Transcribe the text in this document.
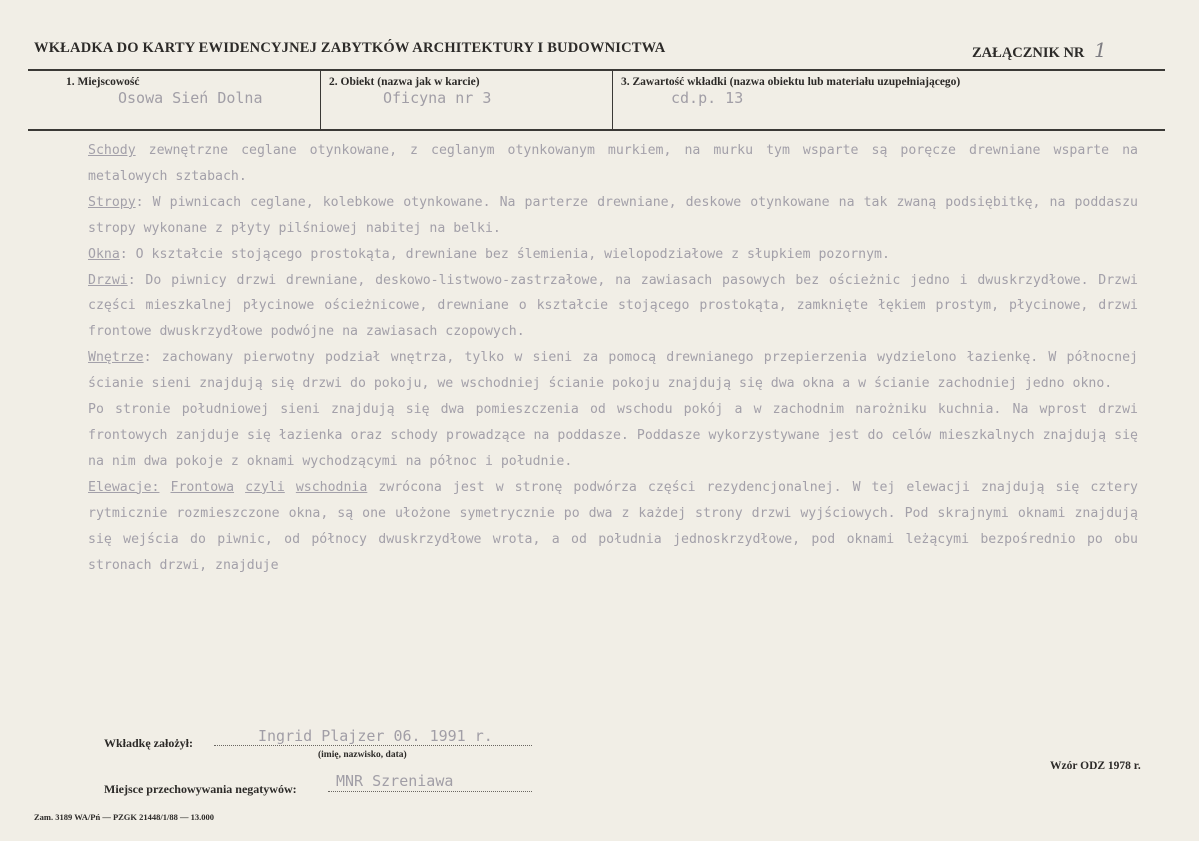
WKŁADKA DO KARTY EWIDENCYJNEJ ZABYTKÓW ARCHITEKTURY I BUDOWNICTWA	ZAŁĄCZNIK NR 1
1. Miejscowość
Osowa Sień Dolna
2. Obiekt (nazwa jak w karcie)
Oficyna nr 3
3. Zawartość wkładki (nazwa obiektu lub materiału uzupełniającego)
cd.p. 13

Schody zewnętrzne ceglane otynkowane, z ceglanym otynkowanym murkiem, na murku tym wsparte są poręcze drewniane wsparte na metalowych sztabach.

Stropy: W piwnicach ceglane, kolebkowe otynkowane. Na parterze drewniane, deskowe otynkowane na tak zwaną podsiębitkę, na poddaszu stropy wykonane z płyty pilśniowej nabitej na belki.

Okna: O kształcie stojącego prostokąta, drewniane bez ślemienia, wielopodziałowe z słupkiem pozornym.

Drzwi: Do piwnicy drzwi drewniane, deskowo-listwowo-zastrzałowe, na zawiasach pasowych bez ościeżnic jedno i dwuskrzydłowe. Drzwi części mieszkalnej płycinowe ościeżnicowe, drewniane o kształcie stojącego prostokąta, zamknięte łękiem prostym, płycinowe, drzwi frontowe dwuskrzydłowe podwójne na zawiasach czopowych.

Wnętrze: zachowany pierwotny podział wnętrza, tylko w sieni za pomocą drewnianego przepierzenia wydzielono łazienkę. W północnej ścianie sieni znajdują się drzwi do pokoju, we wschodniej ścianie pokoju znajdują się dwa okna a w ścianie zachodniej jedno okno.

Po stronie południowej sieni znajdują się dwa pomieszczenia od wschodu pokój a w zachodnim narożniku kuchnia. Na wprost drzwi frontowych zanjduje się łazienka oraz schody prowadzące na poddasze. Poddasze wykorzystywane jest do celów mieszkalnych znajdują się na nim dwa pokoje z oknami wychodzącymi na północ i południe.

Elewacje: Frontowa czyli wschodnia zwrócona jest w stronę podwórza części rezydencjonalnej. W tej elewacji znajdują się cztery rytmicznie rozmieszczone okna, są one ułożone symetrycznie po dwa z każdej strony drzwi wyjściowych. Pod skrajnymi oknami znajdują się wejścia do piwnic, od północy dwuskrzydłowe wrota, a od południa jednoskrzydłowe, pod oknami leżącymi bezpośrednio po obu stronach drzwi, znajduje

Wkładkę założył:	Ingrid Plajzer 06. 1991 r.
(imię, nazwisko, data)
Miejsce przechowywania negatywów:	MNR Szreniawa
Wzór ODZ 1978 r.
Zam. 3189 WA/Pń — PZGK 21448/1/88 — 13.000
